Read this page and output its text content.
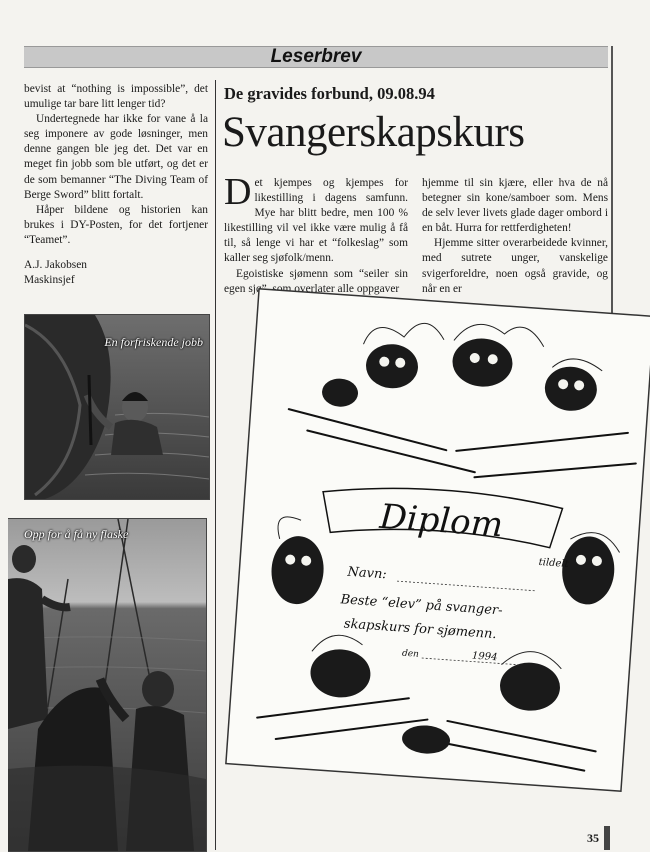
Leserbrev

bevist at “nothing is impossible”, det umulige tar bare litt lenger tid?

Undertegnede har ikke for vane å la seg imponere av gode løsninger, men denne gangen ble jeg det. Det var en meget fin jobb som ble utført, og det er de som bemanner “The Diving Team of Berge Sword” blitt fortalt.

Håper bildene og historien kan brukes i DY-Posten, for det fortjener “Teamet”.

A.J. Jakobsen
Maskinsjef
En forfriskende jobb
Opp for å få ny flaske
De gravides forbund, 09.08.94
Svangerskapskurs

Det kjempes og kjempes for likestilling i dagens samfunn. Mye har blitt bedre, men 100 % likestilling vil vel ikke være mulig å få til, så lenge vi har et “folkeslag” som kaller seg sjøfolk/menn.

Egoistiske sjømenn som “seiler sin egen sjø”, som overlater alle oppgaver

hjemme til sin kjære, eller hva de nå betegner sin kone/samboer som. Mens de selv lever livets glade dager ombord i en båt. Hurra for rettferdigheten!

Hjemme sitter overarbeidede kvinner, med sutrete unger, vanskelige svigerforeldre, noen også gravide, og når en er

Diplom
tildelt
Navn:
Beste “elev” på svanger-
skapskurs for sjømenn.
den	1994
35
